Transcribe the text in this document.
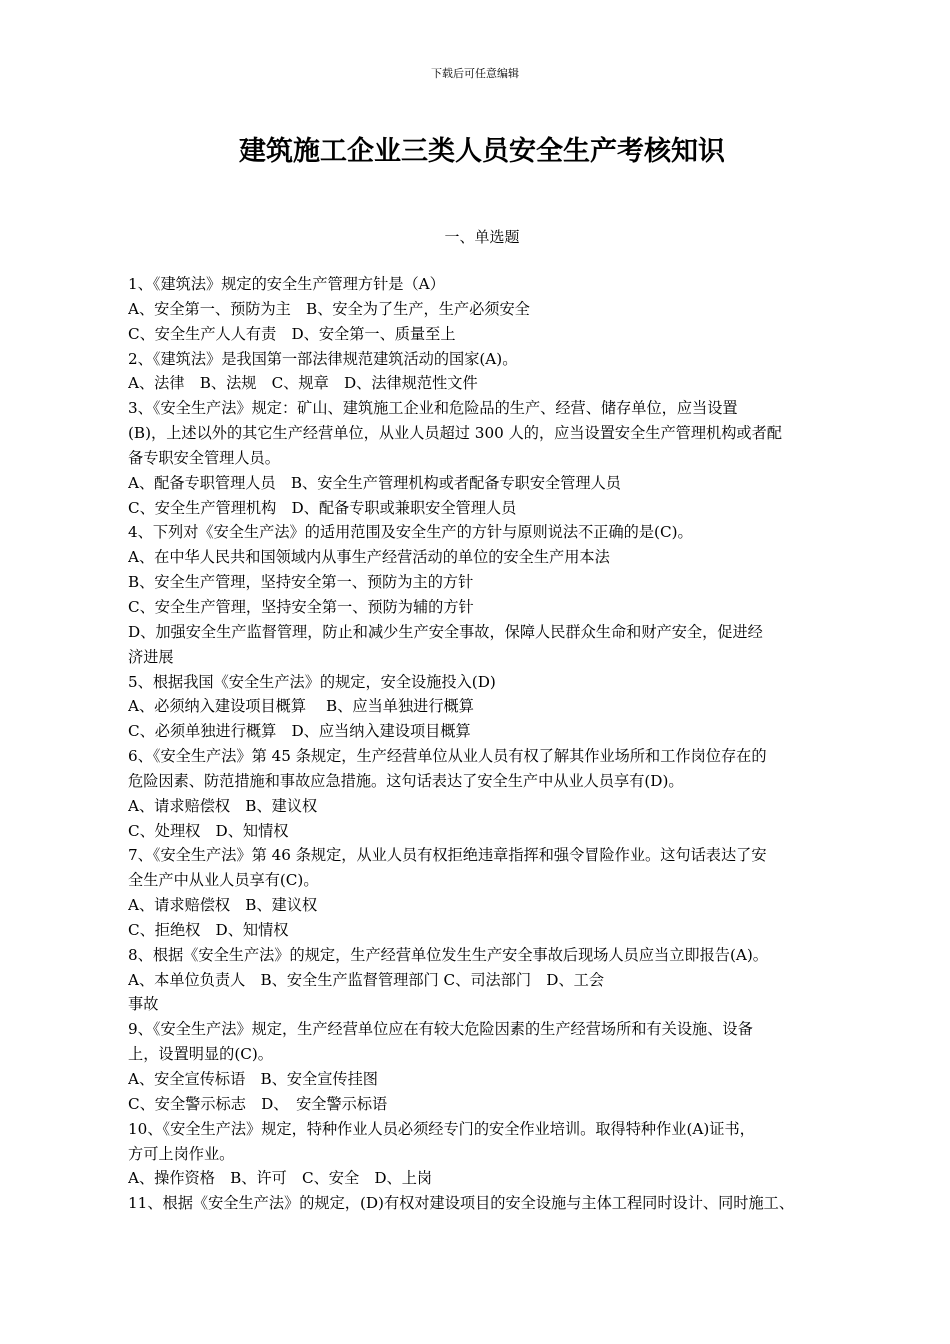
下载后可任意编辑
建筑施工企业三类人员安全生产考核知识
一、单选题
1、《建筑法》规定的安全生产管理方针是（A）
A、安全第一、预防为主　B、安全为了生产，生产必须安全
C、安全生产人人有责　D、安全第一、质量至上
2、《建筑法》是我国第一部法律规范建筑活动的国家(A)。
A、法律　B、法规　C、规章　D、法律规范性文件
3、《安全生产法》规定：矿山、建筑施工企业和危险品的生产、经营、储存单位，应当设置
(B)，上述以外的其它生产经营单位，从业人员超过 300 人的，应当设置安全生产管理机构或者配
备专职安全管理人员。
A、配备专职管理人员　B、安全生产管理机构或者配备专职安全管理人员
C、安全生产管理机构　D、配备专职或兼职安全管理人员
4、下列对《安全生产法》的适用范围及安全生产的方针与原则说法不正确的是(C)。
A、在中华人民共和国领域内从事生产经营活动的单位的安全生产用本法
B、安全生产管理，坚持安全第一、预防为主的方针
C、安全生产管理，坚持安全第一、预防为辅的方针
D、加强安全生产监督管理，防止和减少生产安全事故，保障人民群众生命和财产安全，促进经
济进展
5、根据我国《安全生产法》的规定，安全设施投入(D)
A、必须纳入建设项目概算　 B、应当单独进行概算
C、必须单独进行概算　D、应当纳入建设项目概算
6、《安全生产法》第 45 条规定，生产经营单位从业人员有权了解其作业场所和工作岗位存在的
危险因素、防范措施和事故应急措施。这句话表达了安全生产中从业人员享有(D)。
A、请求赔偿权　B、建议权
C、处理权　D、知情权
7、《安全生产法》第 46 条规定，从业人员有权拒绝违章指挥和强令冒险作业。这句话表达了安
全生产中从业人员享有(C)。
A、请求赔偿权　B、建议权
C、拒绝权　D、知情权
8、根据《安全生产法》的规定，生产经营单位发生生产安全事故后现场人员应当立即报告(A)。
A、本单位负责人　B、安全生产监督管理部门 C、司法部门　D、工会
事故
9、《安全生产法》规定，生产经营单位应在有较大危险因素的生产经营场所和有关设施、设备
上，设置明显的(C)。
A、安全宣传标语　B、安全宣传挂图
C、安全警示标志　D、　安全警示标语
10、《安全生产法》规定，特种作业人员必须经专门的安全作业培训。取得特种作业(A)证书，
方可上岗作业。
A、操作资格　B、许可　C、安全　D、上岗
11、根据《安全生产法》的规定，(D)有权对建设项目的安全设施与主体工程同时设计、同时施工、
